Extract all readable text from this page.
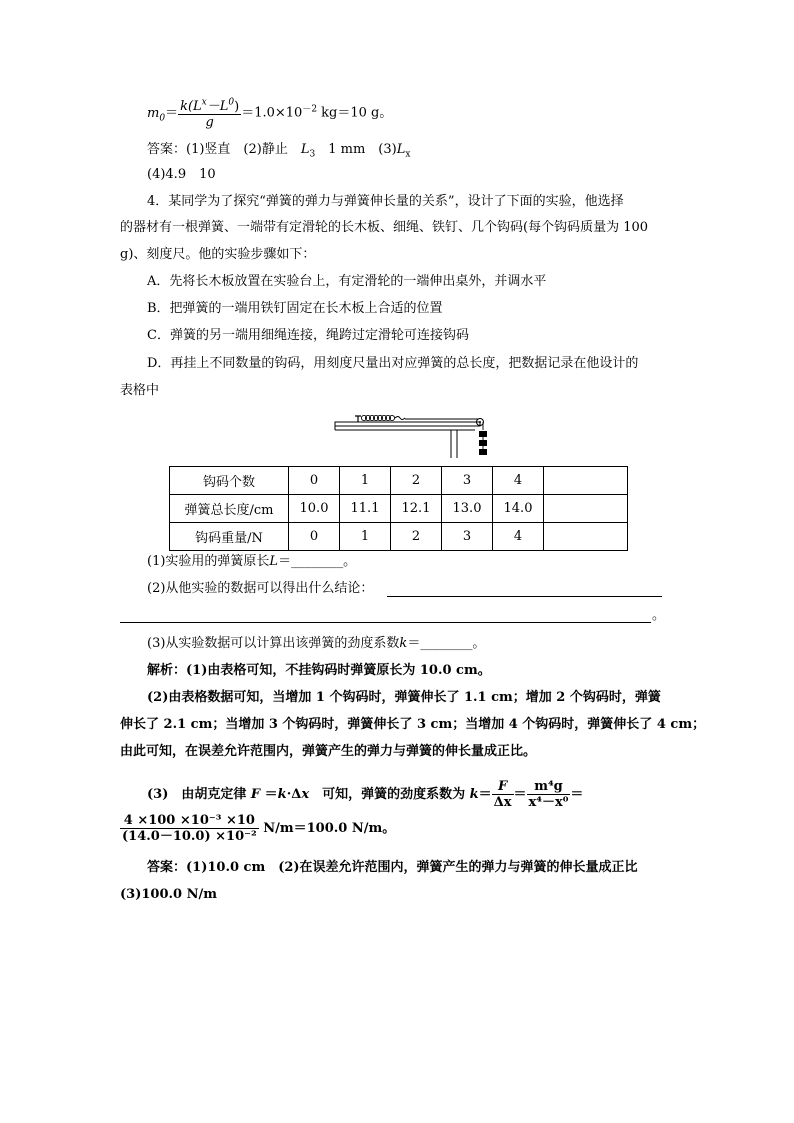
$m_0= \frac{k(L^x-L^0)}{g} =1.0\times 10^{-2}$ kg＝10 g。
答案：(1)竖直　(2)静止　$L_3$　1 mm　$(3)L_x$
(4)4.9　10
4．某同学为了探究“弹簧的弹力与弹簧伸长量的关系”，设计了下面的实验，他选择
的器材有一根弹簧、一端带有定滑轮的长木板、细绳、铁钉、几个钩码(每个钩码质量为 100
g)、刻度尺。他的实验步骤如下：
A．先将长木板放置在实验台上，有定滑轮的一端伸出桌外，并调水平
B．把弹簧的一端用铁钉固定在长木板上合适的位置
C．弹簧的另一端用细绳连接，绳跨过定滑轮可连接钩码
D．再挂上不同数量的钩码，用刻度尺量出对应弹簧的总长度，把数据记录在他设计的
表格中
钩码个数	0	1	2	3	4	
弹簧总长度/cm	10.0	11.1	12.1	13.0	14.0	
钩码重量/N	0	1	2	3	4	
(1)实验用的弹簧原长L＝________。
(2)从他实验的数据可以得出什么结论：
。
(3)从实验数据可以计算出该弹簧的劲度系数k＝________。
解析：(1)由表格可知，不挂钩码时弹簧原长为 10.0 cm。
(2)由表格数据可知，当增加 1 个钩码时，弹簧伸长了 1.1 cm；增加 2 个钩码时，弹簧
伸长了 2.1 cm；当增加 3 个钩码时，弹簧伸长了 3 cm；当增加 4 个钩码时，弹簧伸长了 4 cm；
由此可知，在误差允许范围内，弹簧产生的弹力与弹簧的伸长量成正比。
(3)　由胡克定律 F ＝k·Δx　可知，弹簧的劲度系数为 $k= \frac{F}{\Delta x} = \frac{\text{m⁴g}}{\text{x⁴－x⁰}}$ ＝
$\frac{\text{4 ×100 ×10⁻³ ×10}}{\text{(14.0－10.0) ×10⁻²}} N/m=100.0$ N/m。
答案：(1)10.0 cm　(2)在误差允许范围内，弹簧产生的弹力与弹簧的伸长量成正比
(3)100.0 N/m
